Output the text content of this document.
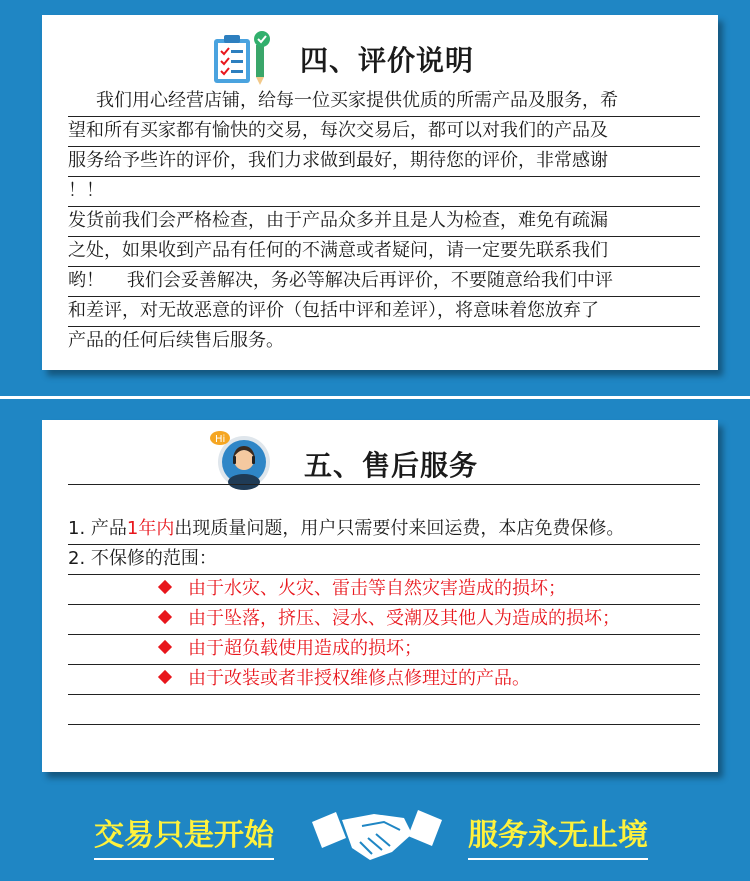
四、评价说明
我们用心经营店铺，给每一位买家提供优质的所需产品及服务，希
望和所有买家都有愉快的交易，每次交易后，都可以对我们的产品及
服务给予些许的评价，我们力求做到最好，期待您的评价，非常感谢
！！
发货前我们会严格检查，由于产品众多并且是人为检查，难免有疏漏
之处，如果收到产品有任何的不满意或者疑问，请一定要先联系我们
哟！    我们会妥善解决，务必等解决后再评价，不要随意给我们中评
和差评，对无故恶意的评价（包括中评和差评），将意味着您放弃了
产品的任何后续售后服务。
Hi
五、售后服务
1. 产品1年内出现质量问题，用户只需要付来回运费，本店免费保修。
2. 不保修的范围：
由于水灾、火灾、雷击等自然灾害造成的损坏；
由于坠落，挤压、浸水、受潮及其他人为造成的损坏；
由于超负载使用造成的损坏；
由于改装或者非授权维修点修理过的产品。
交易只是开始	服务永无止境
